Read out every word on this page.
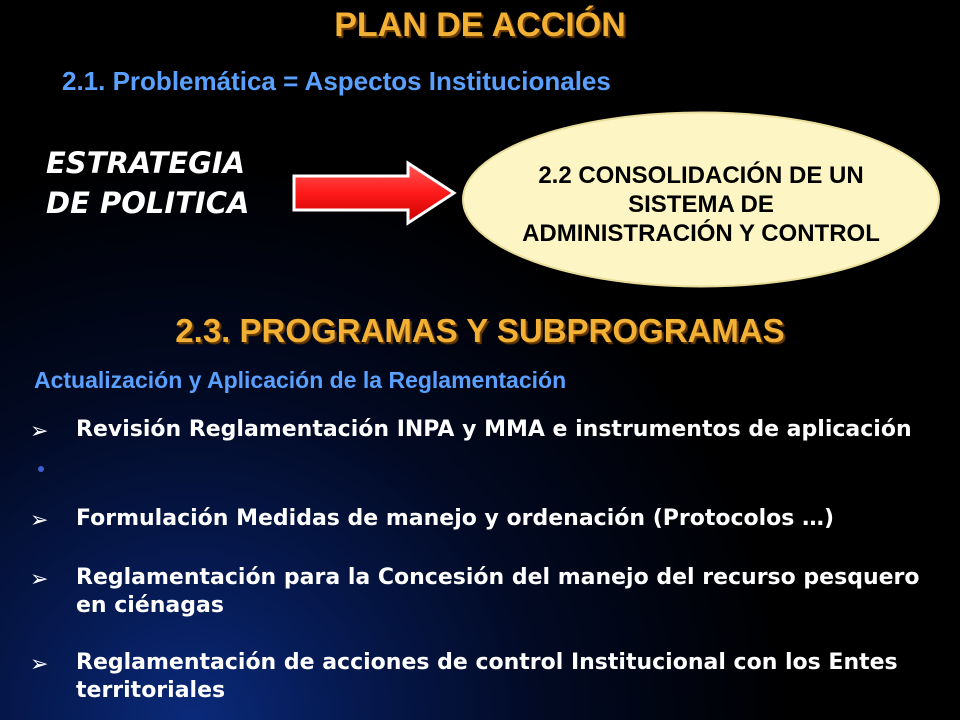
PLAN DE ACCIÓN
2.1. Problemática = Aspectos Institucionales
ESTRATEGIA
DE POLITICA
2.2 CONSOLIDACIÓN DE UN SISTEMA DE ADMINISTRACIÓN Y CONTROL
2.3. PROGRAMAS Y SUBPROGRAMAS
Actualización y Aplicación de la Reglamentación
➢	Revisión Reglamentación INPA y MMA e instrumentos de aplicación
➢	Formulación Medidas de manejo y ordenación (Protocolos …)
➢	Reglamentación para la Concesión del manejo del recurso pesquero en ciénagas
➢	Reglamentación de acciones de control Institucional con los Entes territoriales
